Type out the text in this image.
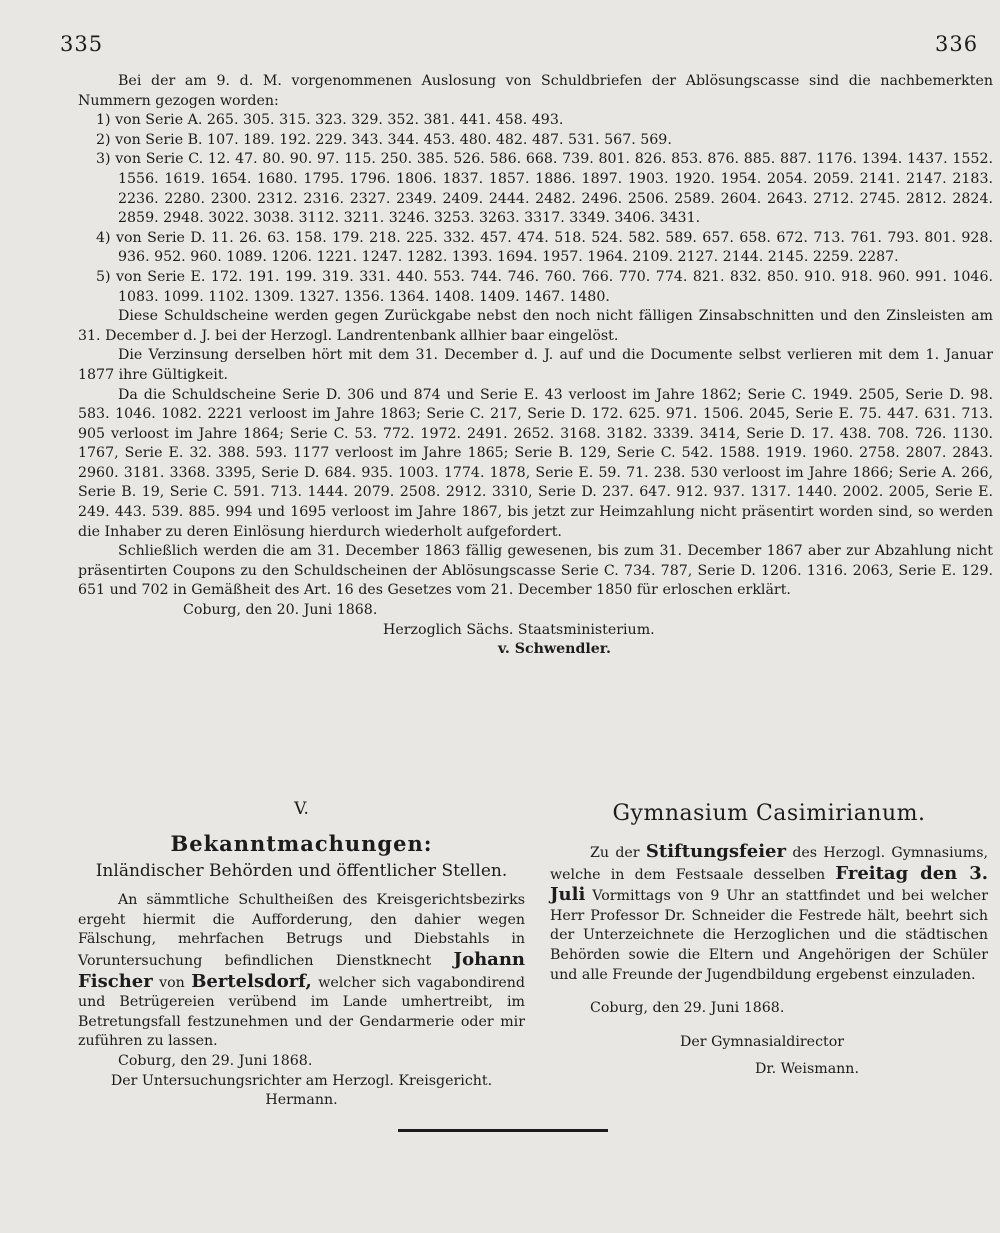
335	336

Bei der am 9. d. M. vorgenommenen Auslosung von Schuldbriefen der Ablösungscasse sind die nachbemerkten Nummern gezogen worden:

1) von Serie A. 265. 305. 315. 323. 329. 352. 381. 441. 458. 493.

2) von Serie B. 107. 189. 192. 229. 343. 344. 453. 480. 482. 487. 531. 567. 569.

3) von Serie C. 12. 47. 80. 90. 97. 115. 250. 385. 526. 586. 668. 739. 801. 826. 853. 876. 885. 887. 1176. 1394. 1437. 1552. 1556. 1619. 1654. 1680. 1795. 1796. 1806. 1837. 1857. 1886. 1897. 1903. 1920. 1954. 2054. 2059. 2141. 2147. 2183. 2236. 2280. 2300. 2312. 2316. 2327. 2349. 2409. 2444. 2482. 2496. 2506. 2589. 2604. 2643. 2712. 2745. 2812. 2824. 2859. 2948. 3022. 3038. 3112. 3211. 3246. 3253. 3263. 3317. 3349. 3406. 3431.

4) von Serie D. 11. 26. 63. 158. 179. 218. 225. 332. 457. 474. 518. 524. 582. 589. 657. 658. 672. 713. 761. 793. 801. 928. 936. 952. 960. 1089. 1206. 1221. 1247. 1282. 1393. 1694. 1957. 1964. 2109. 2127. 2144. 2145. 2259. 2287.

5) von Serie E. 172. 191. 199. 319. 331. 440. 553. 744. 746. 760. 766. 770. 774. 821. 832. 850. 910. 918. 960. 991. 1046. 1083. 1099. 1102. 1309. 1327. 1356. 1364. 1408. 1409. 1467. 1480.

Diese Schuldscheine werden gegen Zurückgabe nebst den noch nicht fälligen Zinsabschnitten und den Zinsleisten am 31. December d. J. bei der Herzogl. Landrentenbank allhier baar eingelöst.

Die Verzinsung derselben hört mit dem 31. December d. J. auf und die Documente selbst verlieren mit dem 1. Januar 1877 ihre Gültigkeit.

Da die Schuldscheine Serie D. 306 und 874 und Serie E. 43 verloost im Jahre 1862; Serie C. 1949. 2505, Serie D. 98. 583. 1046. 1082. 2221 verloost im Jahre 1863; Serie C. 217, Serie D. 172. 625. 971. 1506. 2045, Serie E. 75. 447. 631. 713. 905 verloost im Jahre 1864; Serie C. 53. 772. 1972. 2491. 2652. 3168. 3182. 3339. 3414, Serie D. 17. 438. 708. 726. 1130. 1767, Serie E. 32. 388. 593. 1177 verloost im Jahre 1865; Serie B. 129, Serie C. 542. 1588. 1919. 1960. 2758. 2807. 2843. 2960. 3181. 3368. 3395, Serie D. 684. 935. 1003. 1774. 1878, Serie E. 59. 71. 238. 530 verloost im Jahre 1866; Serie A. 266, Serie B. 19, Serie C. 591. 713. 1444. 2079. 2508. 2912. 3310, Serie D. 237. 647. 912. 937. 1317. 1440. 2002. 2005, Serie E. 249. 443. 539. 885. 994 und 1695 verloost im Jahre 1867, bis jetzt zur Heimzahlung nicht präsentirt worden sind, so werden die Inhaber zu deren Einlösung hierdurch wiederholt aufgefordert.

Schließlich werden die am 31. December 1863 fällig gewesenen, bis zum 31. December 1867 aber zur Abzahlung nicht präsentirten Coupons zu den Schuldscheinen der Ablösungscasse Serie C. 734. 787, Serie D. 1206. 1316. 2063, Serie E. 129. 651 und 702 in Gemäßheit des Art. 16 des Gesetzes vom 21. December 1850 für erloschen erklärt.

Coburg, den 20. Juni 1868.

Herzoglich Sächs. Staatsministerium.

v. Schwendler.

V.

Bekanntmachungen:

Inländischer Behörden und öffentlicher Stellen.

An sämmtliche Schultheißen des Kreisgerichtsbezirks ergeht hiermit die Aufforderung, den dahier wegen Fälschung, mehrfachen Betrugs und Diebstahls in Voruntersuchung befindlichen Dienstknecht Johann Fischer von Bertelsdorf, welcher sich vagabondirend und Betrügereien verübend im Lande umhertreibt, im Betretungsfall festzunehmen und der Gendarmerie oder mir zuführen zu lassen.

Coburg, den 29. Juni 1868.

Der Untersuchungsrichter am Herzogl. Kreisgericht.

Hermann.

Gymnasium Casimirianum.

Zu der Stiftungsfeier des Herzogl. Gymnasiums, welche in dem Festsaale desselben Freitag den 3. Juli Vormittags von 9 Uhr an stattfindet und bei welcher Herr Professor Dr. Schneider die Festrede hält, beehrt sich der Unterzeichnete die Herzoglichen und die städtischen Behörden sowie die Eltern und Angehörigen der Schüler und alle Freunde der Jugendbildung ergebenst einzuladen.

Coburg, den 29. Juni 1868.

Der Gymnasialdirector

Dr. Weismann.
